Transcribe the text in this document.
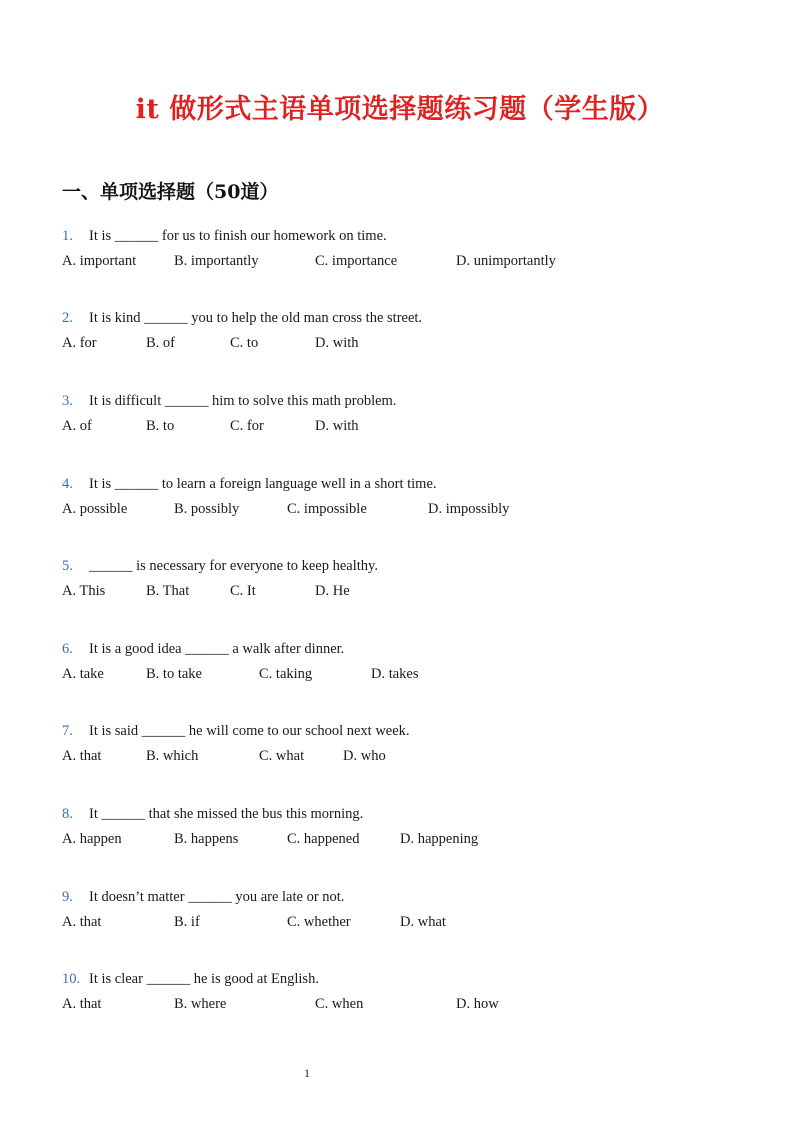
it 做形式主语单项选择题练习题（学生版）
一、单项选择题（50道）
1. It is ______ for us to finish our homework on time.
A. important	B. importantly	C. importance	D. unimportantly
2. It is kind ______ you to help the old man cross the street.
A. for	B. of	C. to	D. with
3. It is difficult ______ him to solve this math problem.
A. of	B. to	C. for	D. with
4. It is ______ to learn a foreign language well in a short time.
A. possible	B. possibly	C. impossible	D. impossibly
5. ______ is necessary for everyone to keep healthy.
A. This	B. That	C. It	D. He
6. It is a good idea ______ a walk after dinner.
A. take	B. to take	C. taking	D. takes
7. It is said ______ he will come to our school next week.
A. that	B. which	C. what	D. who
8. It ______ that she missed the bus this morning.
A. happen	B. happens	C. happened	D. happening
9. It doesn’t matter ______ you are late or not.
A. that	B. if	C. whether	D. what
10. It is clear ______ he is good at English.
A. that	B. where	C. when	D. how
1
